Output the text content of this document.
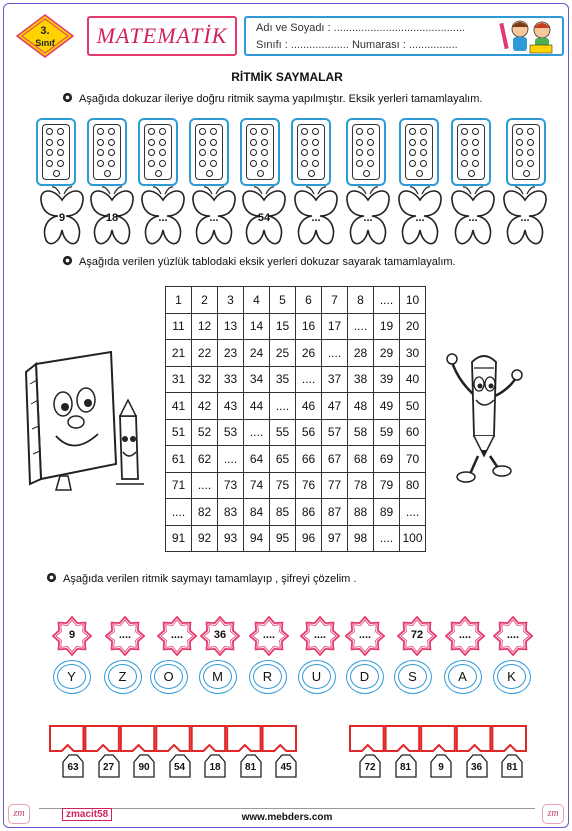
3.
Sınıf	MATEMATİK	Adı ve Soyadı : ...........................................
Sınıfı : ................... Numarası : ................
RİTMİK SAYMALAR
Aşağıda dokuzar ileriye doğru ritmik sayma yapılmıştır. Eksik yerleri tamamlayalım.
9	18	...	...	54	...	...	...	...	...
Aşağıda verilen yüzlük tablodaki eksik yerleri dokuzar sayarak tamamlayalım.
1	2	3	4	5	6	7	8	....	10
11	12	13	14	15	16	17	....	19	20
21	22	23	24	25	26	....	28	29	30
31	32	33	34	35	....	37	38	39	40
41	42	43	44	....	46	47	48	49	50
51	52	53	....	55	56	57	58	59	60
61	62	....	64	65	66	67	68	69	70
71	....	73	74	75	76	77	78	79	80
....	82	83	84	85	86	87	88	89	....
91	92	93	94	95	96	97	98	....	100
Aşağıda verilen ritmik saymayı tamamlayıp , şifreyi çözelim .
9	....	....	36	....	....	....	72	....	....
Y	Z	O	M	R	U	D	S	A	K
63	27	90	54	18	81	45	72	81	9	36	81
zm	zm
zmacit58	www.mebders.com
